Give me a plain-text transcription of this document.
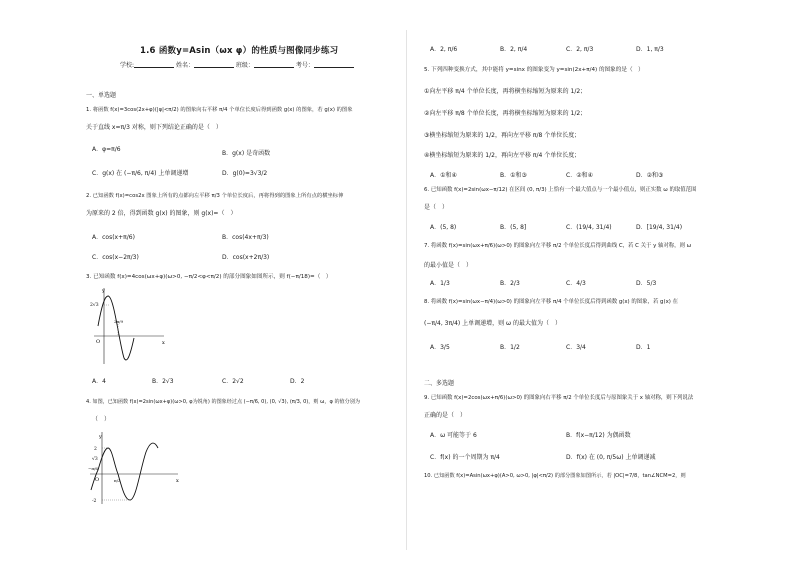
1.6 函数y=Asin（ωx φ）的性质与图像同步练习
学校:	姓名：	班级：	考号：
一、单选题
1. 将函数 f(x)=3cos(2x+φ)(|φ|<π/2) 的图象向右平移 π/4 个单位长度后得到函数 g(x) 的图象，若 g(x) 的图象
关于直线 x=π/3 对称，则下列结论正确的是（　）
A．φ=π/6
B．g(x) 是奇函数
C．g(x) 在 (−π/6, π/4) 上单调递增	D．g(0)=3√3/2
2. 已知函数 f(x)=cos2x 图象上所有的点都向左平移 π/3 个单位长度后，再将得到的图象上所有点的横坐标伸
为原来的 2 倍，得到函数 g(x) 的图象，则 g(x)=（　）
A．cos(x+π/6)	B．cos(4x+π/3)
C．cos(x−2π/3)	D．cos(x+2π/3)
3. 已知函数 f(x)=4cos(ωx+φ)(ω>0, −π/2<φ<π/2) 的部分图象如图所示，则 f(−π/18)=（　）
y
x
O
2√3
2π/9
A．4	B．2√3	C．2√2	D．2
4. 如图，已知函数 f(x)=2sin(ωx+φ)(ω>0, φ为锐角) 的图象经过点 (−π/6, 0), (0, √3), (π/3, 0)，则 ω，φ 的值分别为
（　）
y
x
O
2
√3
-2
−π/6
π/3
A．2, π/6	B．2, π/4	C．2, π/3	D．1, π/3
5. 下列四种变换方式，其中能将 y=sinx 的图象变为 y=sin(2x+π/4) 的图象的是（　）
①向左平移 π/4 个单位长度，再将横坐标缩短为原来的 1/2；
②向左平移 π/8 个单位长度，再将横坐标缩短为原来的 1/2；
③横坐标缩短为原来的 1/2，再向左平移 π/8 个单位长度；
④横坐标缩短为原来的 1/2，再向左平移 π/4 个单位长度；
A．①和④	B．①和③	C．②和④	D．②和③
6. 已知函数 f(x)=2sin(ωx−π/12) 在区间 (0, π/3) 上恰有一个最大值点与一个最小值点，则正实数 ω 的取值范围
是（　）
A．(5, 8)	B．(5, 8]	C．(19/4, 31/4)	D．[19/4, 31/4)
7. 将函数 f(x)=sin(ωx+π/6)(ω>0) 的图象向左平移 π/2 个单位长度后得到曲线 C，若 C 关于 y 轴对称，则 ω
的最小值是（　）
A．1/3	B．2/3	C．4/3	D．5/3
8. 将函数 f(x)=sin(ωx−π/4)(ω>0) 的图象向左平移 π/4 个单位长度后得到函数 g(x) 的图象，若 g(x) 在
(−π/4, 3π/4) 上单调递增，则 ω 的最大值为（　）
A．3/5	B．1/2	C．3/4	D．1
二、多选题
9. 已知函数 f(x)=2cos(ωx+π/6)(ω>0) 的图象向右平移 π/2 个单位长度后与原图象关于 x 轴对称，则下列说法
正确的是（　）
A．ω 可能等于 6	B．f(x−π/12) 为偶函数
C．f(x) 的一个周期为 π/4	D．f(x) 在 (0, π/5ω) 上单调递减
10. 已知函数 f(x)=Asin(ωx+φ)(A>0, ω>0, |φ|<π/2) 的部分图象如图所示，若 |OC|=7/8，tan∠NCM=2，则
